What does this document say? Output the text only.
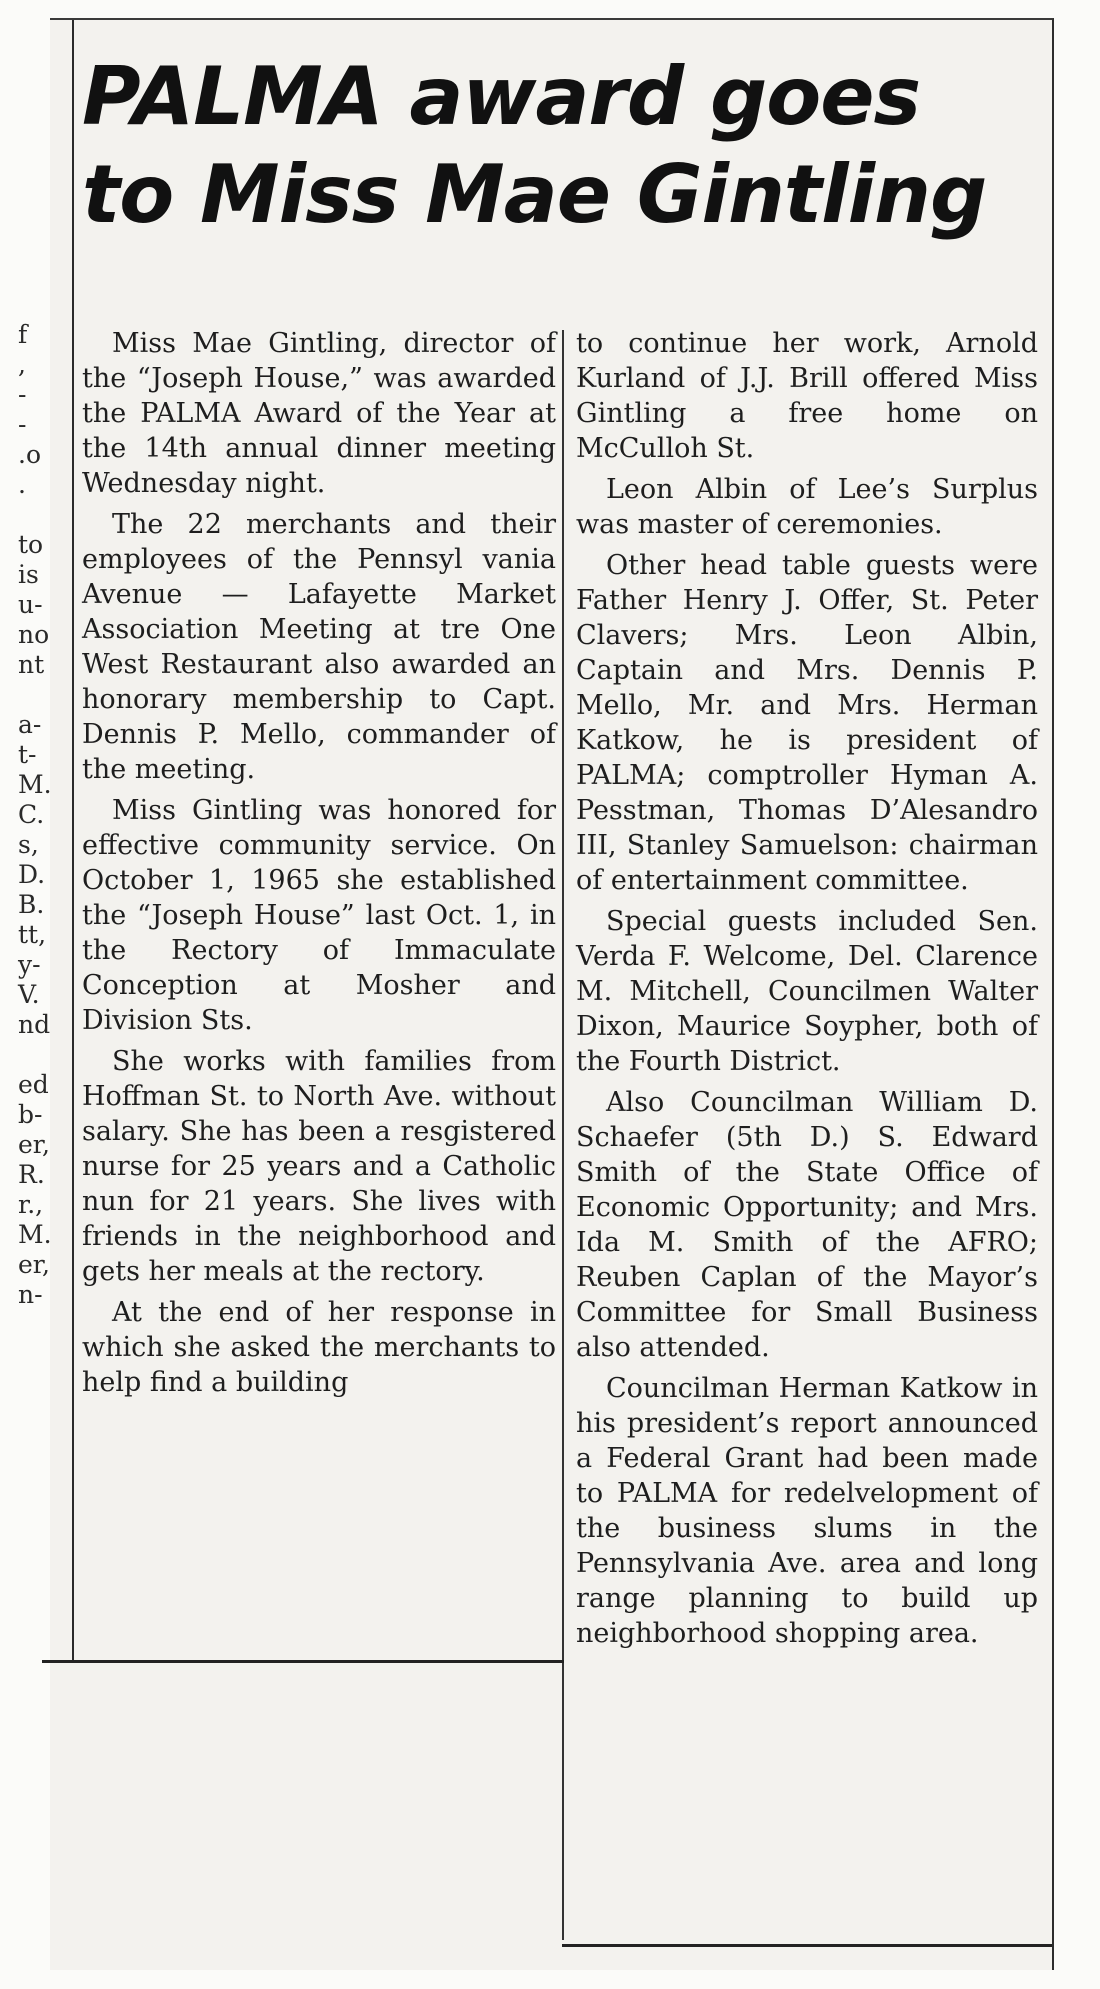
f
,
-
-
.o
.

to
is
u-
no
nt

a-
t-
M.
C.
s,
D.
B.
tt,
y-
V.
nd

ed
b-
er,
R.
r.,
M.
er,
n-
PALMA award goes
to Miss Mae Gintling

Miss Mae Gintling, director of the “Joseph House,” was awarded the PALMA Award of the Year at the 14th annual dinner meeting Wednesday night.

The 22 merchants and their employees of the Pennsyl vania Avenue — Lafayette Market Association Meeting at tre One West Restaurant also awarded an honorary membership to Capt. Dennis P. Mello, commander of the meeting.

Miss Gintling was honored for effective community service. On October 1, 1965 she established the “Joseph House” last Oct. 1, in the Rectory of Immaculate Conception at Mosher and Division Sts.

She works with families from Hoffman St. to North Ave. without salary. She has been a resgistered nurse for 25 years and a Catholic nun for 21 years. She lives with friends in the neighborhood and gets her meals at the rectory.

At the end of her response in which she asked the merchants to help find a building

to continue her work, Arnold Kurland of J.J. Brill offered Miss Gintling a free home on McCulloh St.

Leon Albin of Lee’s Surplus was master of ceremonies.

Other head table guests were Father Henry J. Offer, St. Peter Clavers; Mrs. Leon Albin, Captain and Mrs. Dennis P. Mello, Mr. and Mrs. Herman Katkow, he is president of PALMA; comptroller Hyman A. Pesstman, Thomas D’Alesandro III, Stanley Samuelson: chairman of entertainment committee.

Special guests included Sen. Verda F. Welcome, Del. Clarence M. Mitchell, Councilmen Walter Dixon, Maurice Soypher, both of the Fourth District.

Also Councilman William D. Schaefer (5th D.) S. Edward Smith of the State Office of Economic Opportunity; and Mrs. Ida M. Smith of the AFRO; Reuben Caplan of the Mayor’s Committee for Small Business also attended.

Councilman Herman Katkow in his president’s report announced a Federal Grant had been made to PALMA for redelvelopment of the business slums in the Pennsylvania Ave. area and long range planning to build up neighborhood shopping area.
